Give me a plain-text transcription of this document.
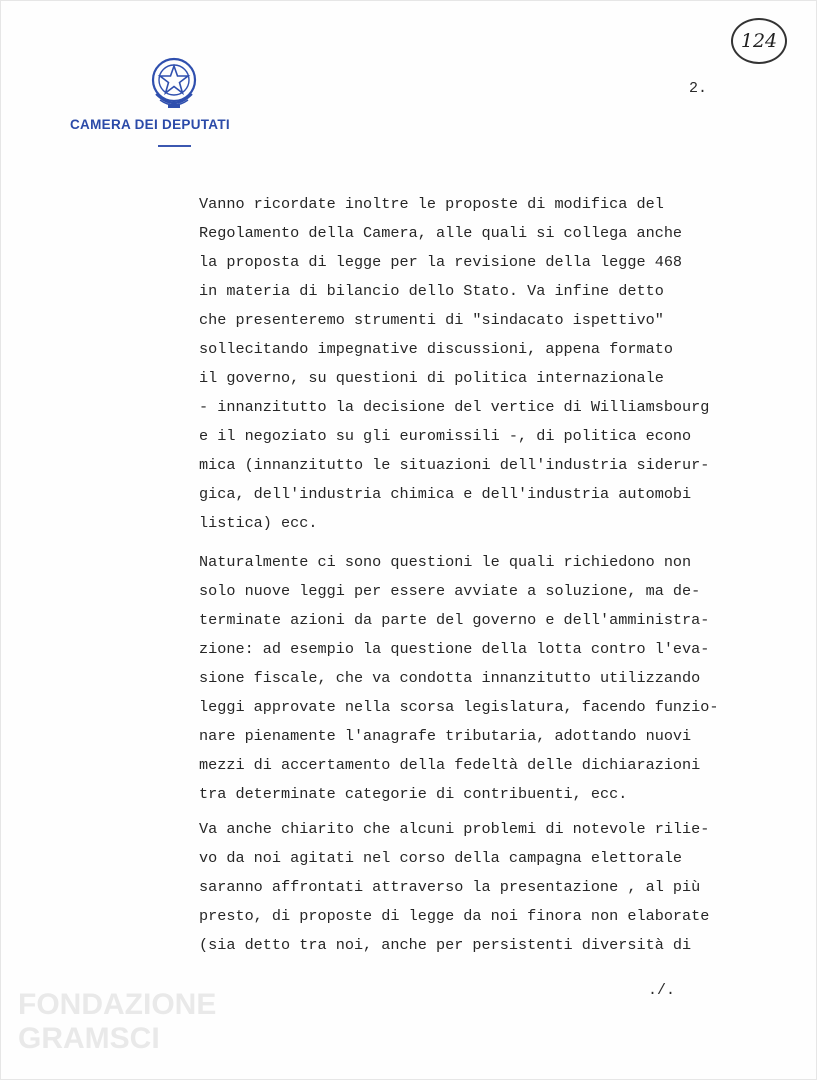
CAMERA DEI DEPUTATI
2.
124
Vanno ricordate inoltre le proposte di modifica del
Regolamento della Camera, alle quali si collega anche
la proposta di legge per la revisione della legge 468
in materia di bilancio dello Stato. Va infine detto
che presenteremo strumenti di "sindacato ispettivo"
sollecitando impegnative discussioni, appena formato
il governo, su questioni di politica internazionale
- innanzitutto la decisione del vertice di Williamsbourg
e il negoziato su gli euromissili -, di politica econo
mica (innanzitutto le situazioni dell'industria siderur-
gica, dell'industria chimica e dell'industria automobi
listica) ecc.
Naturalmente ci sono questioni le quali richiedono non
solo nuove leggi per essere avviate a soluzione, ma de-
terminate azioni da parte del governo e dell'amministra-
zione: ad esempio la questione della lotta contro l'eva-
sione fiscale, che va condotta innanzitutto utilizzando
leggi approvate nella scorsa legislatura, facendo funzio-
nare pienamente l'anagrafe tributaria, adottando nuovi
mezzi di accertamento della fedeltà delle dichiarazioni
tra determinate categorie di contribuenti, ecc.
Va anche chiarito che alcuni problemi di notevole rilie-
vo da noi agitati nel corso della campagna elettorale
saranno affrontati attraverso la presentazione , al più
presto, di proposte di legge da noi finora non elaborate
(sia detto tra noi, anche per persistenti diversità di
./.
FONDAZIONE
GRAMSCI
